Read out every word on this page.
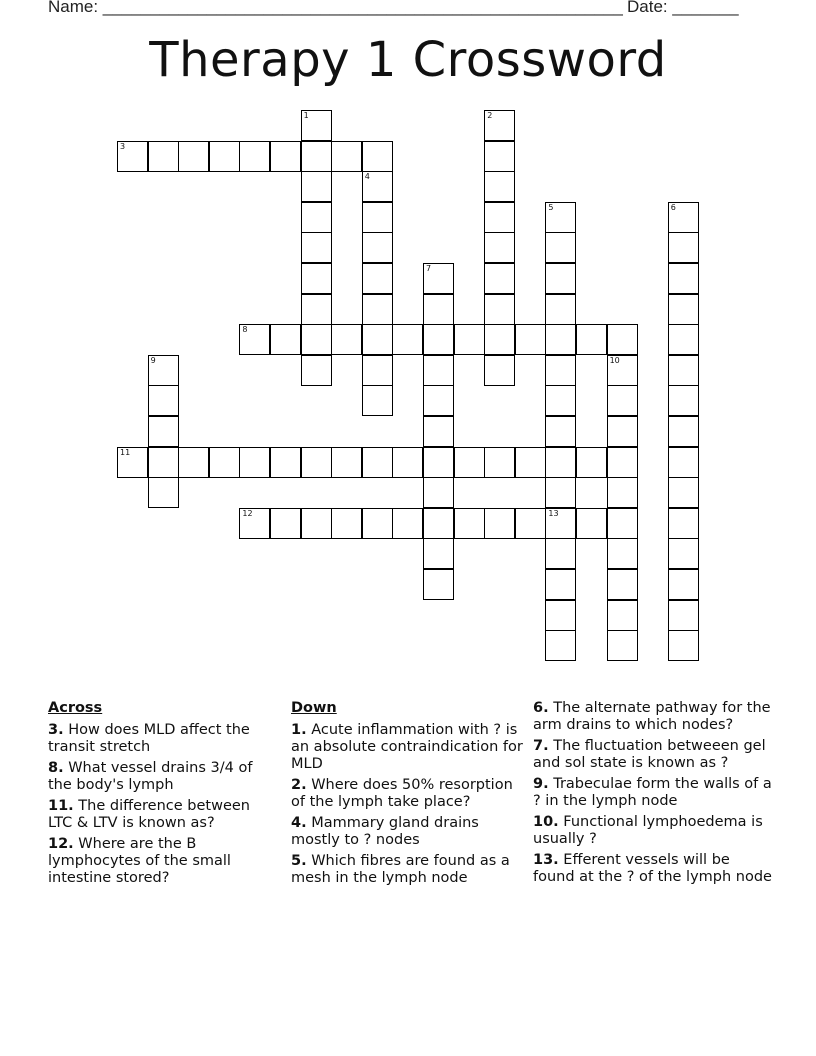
Name: _______________________________________________________ Date: _______
Therapy 1 Crossword
1	2
3
4
5
13
6
7
8
9	10
11
12
Across
3. How does MLD affect the transit stretch
8. What vessel drains 3/4 of the body's lymph
11. The difference between LTC & LTV is known as?
12. Where are the B lymphocytes of the small intestine stored?
Down
1. Acute inflammation with ? is an absolute contraindication for MLD
2. Where does 50% resorption of the lymph take place?
4. Mammary gland drains mostly to ? nodes
5. Which fibres are found as a mesh in the lymph node
6. The alternate pathway for the arm drains to which nodes?
7. The fluctuation betweeen gel and sol state is known as ?
9. Trabeculae form the walls of a ? in the lymph node
10. Functional lymphoedema is usually ?
13. Efferent vessels will be found at the ? of the lymph node
